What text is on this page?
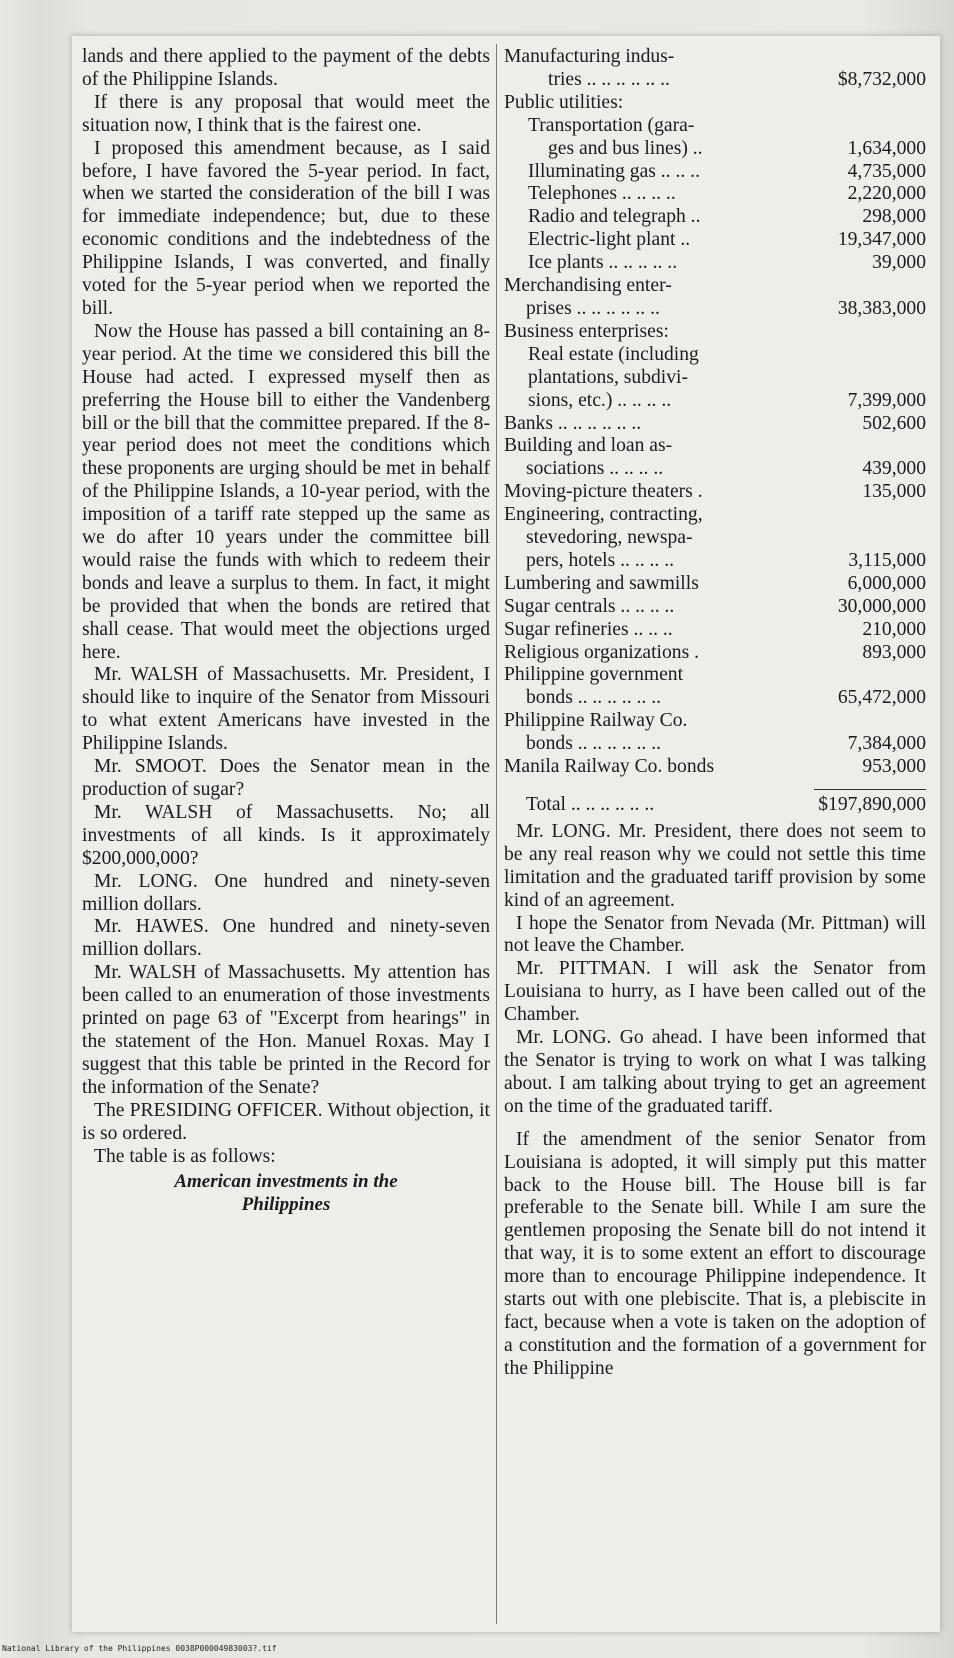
lands and there applied to the payment of the debts of the Philippine Islands.

If there is any proposal that would meet the situation now, I think that is the fairest one.

I proposed this amendment because, as I said before, I have favored the 5-year period. In fact, when we started the consideration of the bill I was for immediate independence; but, due to these economic conditions and the indebtedness of the Philippine Islands, I was converted, and finally voted for the 5-year period when we reported the bill.

Now the House has passed a bill containing an 8-year period. At the time we considered this bill the House had acted. I expressed myself then as preferring the House bill to either the Vandenberg bill or the bill that the committee prepared. If the 8-year period does not meet the conditions which these proponents are urging should be met in behalf of the Philippine Islands, a 10-year period, with the imposition of a tariff rate stepped up the same as we do after 10 years under the committee bill would raise the funds with which to redeem their bonds and leave a surplus to them. In fact, it might be provided that when the bonds are retired that shall cease. That would meet the objections urged here.

Mr. WALSH of Massachusetts. Mr. President, I should like to inquire of the Senator from Missouri to what extent Americans have invested in the Philippine Islands.

Mr. SMOOT. Does the Senator mean in the production of sugar?

Mr. WALSH of Massachusetts. No; all investments of all kinds. Is it approximately $200,000,000?

Mr. LONG. One hundred and ninety-seven million dollars.

Mr. HAWES. One hundred and ninety-seven million dollars.

Mr. WALSH of Massachusetts. My attention has been called to an enumeration of those investments printed on page 63 of "Excerpt from hearings" in the statement of the Hon. Manuel Roxas. May I suggest that this table be printed in the Record for the information of the Senate?

The PRESIDING OFFICER. Without objection, it is so ordered.

The table is as follows:

American investments in the
Philippines

Manufacturing indus-
tries .. .. .. .. .. ..	$8,732,000
Public utilities:
Transportation (gara-
ges and bus lines) ..	1,634,000
Illuminating gas .. .. ..	4,735,000
Telephones .. .. .. ..	2,220,000
Radio and telegraph ..	298,000
Electric-light plant ..	19,347,000
Ice plants .. .. .. .. ..	39,000
Merchandising enter-
prises .. .. .. .. .. ..	38,383,000
Business enterprises:
Real estate (including
plantations, subdivi-
sions, etc.) .. .. .. ..	7,399,000
Banks .. .. .. .. .. ..	502,600
Building and loan as-
sociations .. .. .. ..	439,000
Moving-picture theaters .	135,000
Engineering, contracting,
stevedoring, newspa-
pers, hotels .. .. .. ..	3,115,000
Lumbering and sawmills	6,000,000
Sugar centrals .. .. .. ..	30,000,000
Sugar refineries .. .. ..	210,000
Religious organizations .	893,000
Philippine government
bonds .. .. .. .. .. ..	65,472,000
Philippine Railway Co.
bonds .. .. .. .. .. ..	7,384,000
Manila Railway Co. bonds	953,000
Total .. .. .. .. .. ..	$197,890,000

Mr. LONG. Mr. President, there does not seem to be any real reason why we could not settle this time limitation and the graduated tariff provision by some kind of an agreement.

I hope the Senator from Nevada (Mr. Pittman) will not leave the Chamber.

Mr. PITTMAN. I will ask the Senator from Louisiana to hurry, as I have been called out of the Chamber.

Mr. LONG. Go ahead. I have been informed that the Senator is trying to work on what I was talking about. I am talking about trying to get an agreement on the time of the graduated tariff.

If the amendment of the senior Senator from Louisiana is adopted, it will simply put this matter back to the House bill. The House bill is far preferable to the Senate bill. While I am sure the gentlemen proposing the Senate bill do not intend it that way, it is to some extent an effort to discourage more than to encourage Philippine independence. It starts out with one plebiscite. That is, a plebiscite in fact, because when a vote is taken on the adoption of a constitution and the formation of a government for the Philippine

National Library of the Philippines 0038P00004983003?.tif
